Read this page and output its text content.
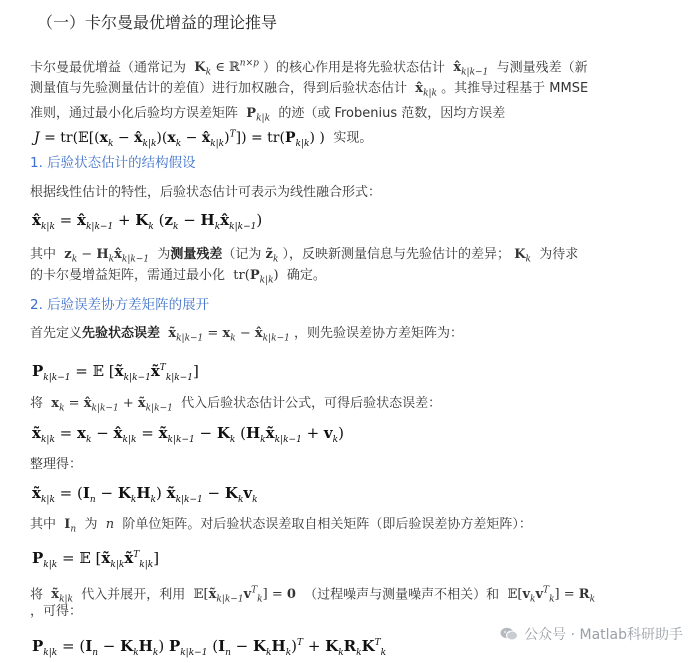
（一）卡尔曼最优增益的理论推导
卡尔曼最优增益（通常记为 $K_k$ ∈ ℝ$^{n\times p}$ ）的核心作用是将先验状态估计 $x̂_{k|k-1}$ 与测量残差（新
测量值与先验测量估计的差值）进行加权融合，得到后验状态估计 $x̂_{k|k}$ 。其推导过程基于 MMSE
准则，通过最小化后验均方误差矩阵 $P_{k|k}$ 的迹（或 Frobenius 范数，因均方误差
$J = tr(𝔼[(x_k$ − $x̂_{k|k})(x_k$ − $x̂_{k|k})^T]) = tr(P_{k|k})$ )  实现。
1. 后验状态估计的结构假设
根据线性估计的特性，后验状态估计可表示为线性融合形式：
$x̂_{k|k}$ = $x̂_{k|k-1} + K_k$ ($z_k$ − $H_kx̂_{k|k-1}$)
其中 $z_k$ − $H_kx̂_{k|k-1}$ 为测量残差（记为 $z̃_k$ ），反映新测量信息与先验估计的差异； $K_k$ 为待求
的卡尔曼增益矩阵，需通过最小化  $tr(P_{k|k})$  确定。
2. 后验误差协方差矩阵的展开
首先定义先验状态误差 $x̃_{k|k-1} = x_k$ − $x̂_{k|k-1}$ ，则先验误差协方差矩阵为：
$P_{k|k-1}$ = 𝔼 $[x̃_{k|k-1}x̃^T_{k|k-1}]$
将 $x_k$ = $x̂_{k|k-1}$ + $x̃_{k|k-1}$ 代入后验状态估计公式，可得后验状态误差：
$x̃_{k|k} = x_k$ − $x̂_{k|k}$ = $x̃_{k|k-1} - K_k$ $(H_kx̃_{k|k-1} + v_k)$
整理得：
$x̃_{k|k} = (I_n - K_kH_k)$ $x̃_{k|k-1} - K_kv_k$
其中 $I_n$ 为  n  阶单位矩阵。对后验状态误差取自相关矩阵（即后验误差协方差矩阵）：
$P_{k|k}$ = 𝔼 $[x̃_{k|k}x̃^T_{k|k}]$
将 $x̃_{k|k}$ 代入并展开，利用  $𝔼[x̃_{k|k-1}v^T_k] = 0$ （过程噪声与测量噪声不相关）和  $𝔼[v_kv^T_k] = R_k$
，可得：
$P_{k|k} = (I_n - K_kH_k)$ $P_{k|k-1}$ $(I_n - K_kH_k)^T + K_kR_kK^T_k$
公众号 · Matlab科研助手
